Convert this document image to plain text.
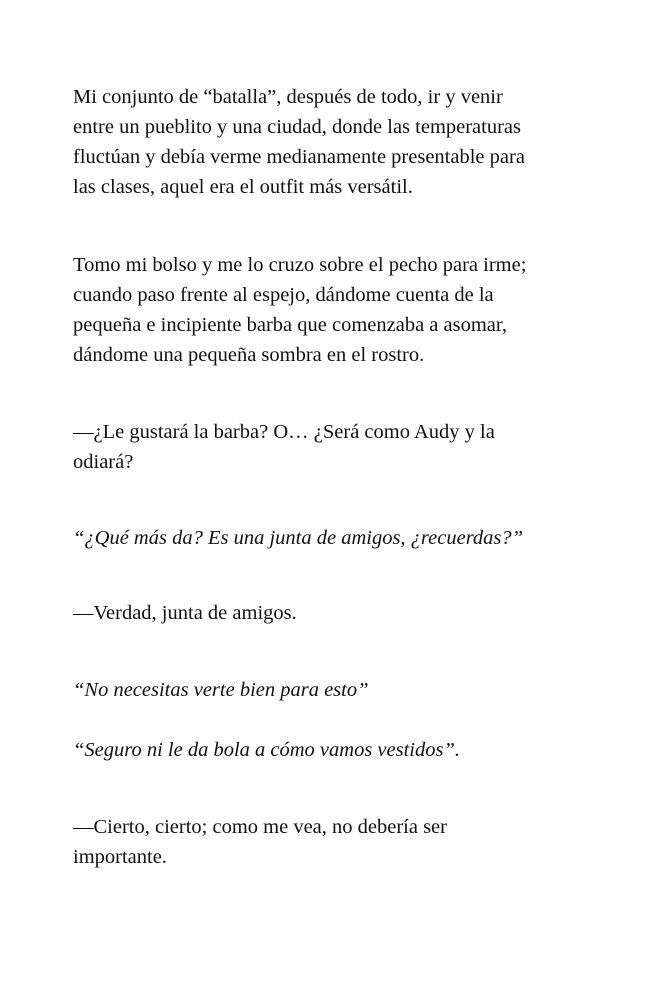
Mi conjunto de “batalla”, después de todo, ir y venir
entre un pueblito y una ciudad, donde las temperaturas
fluctúan y debía verme medianamente presentable para
las clases, aquel era el outfit más versátil.
Tomo mi bolso y me lo cruzo sobre el pecho para irme;
cuando paso frente al espejo, dándome cuenta de la
pequeña e incipiente barba que comenzaba a asomar,
dándome una pequeña sombra en el rostro.
—¿Le gustará la barba? O… ¿Será como Audy y la
odiará?
“¿Qué más da? Es una junta de amigos, ¿recuerdas?”
—Verdad, junta de amigos.
“No necesitas verte bien para esto”
“Seguro ni le da bola a cómo vamos vestidos”.
—Cierto, cierto; como me vea, no debería ser
importante.
